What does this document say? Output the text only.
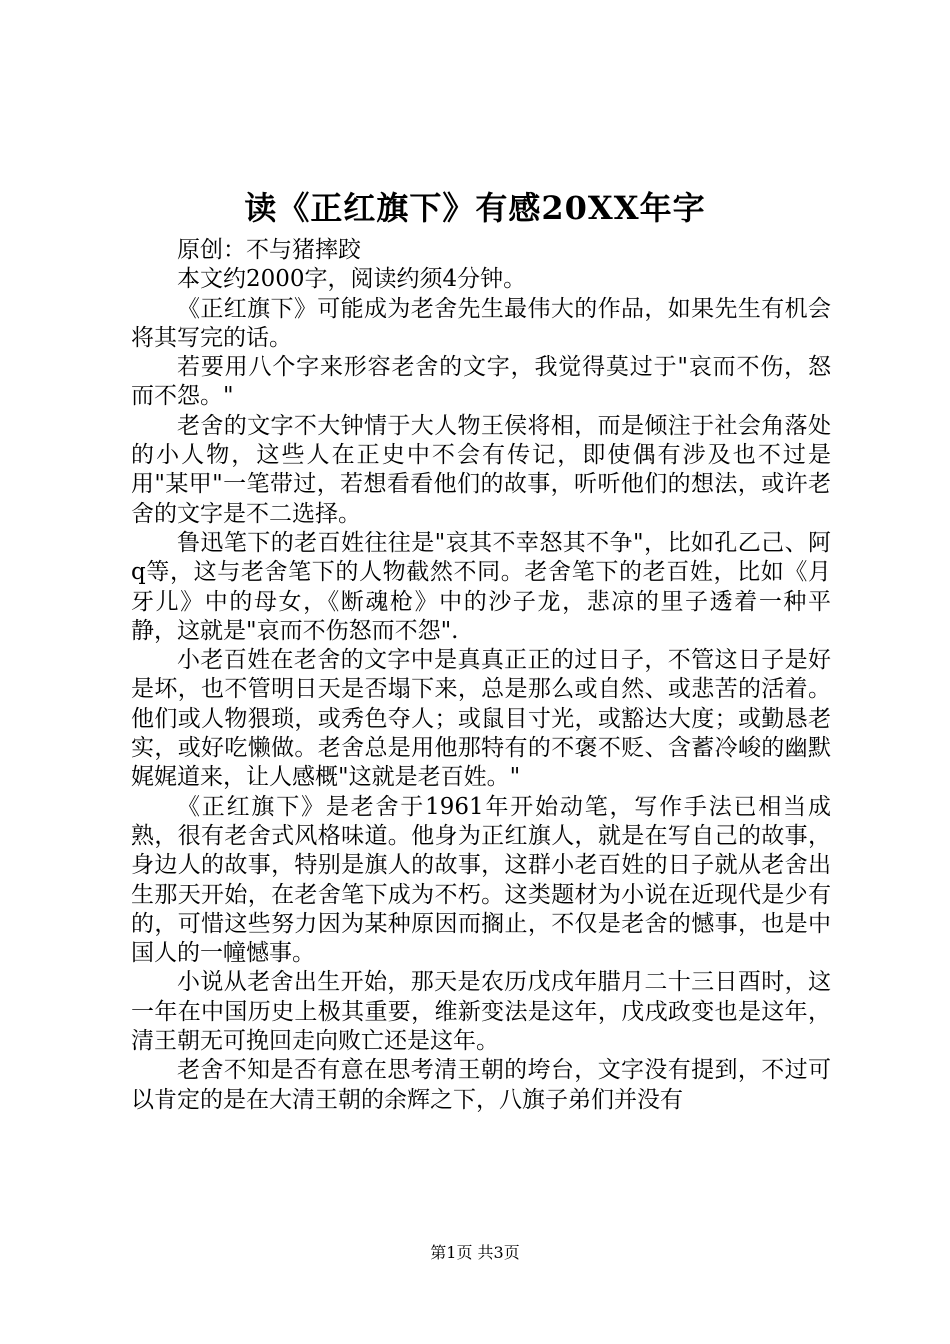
读《正红旗下》有感20XX年字

原创：不与猪摔跤

本文约2000字，阅读约须4分钟。

《正红旗下》可能成为老舍先生最伟大的作品，如果先生有机会将其写完的话。

若要用八个字来形容老舍的文字，我觉得莫过于"哀而不伤，怒而不怨。"

老舍的文字不大钟情于大人物王侯将相，而是倾注于社会角落处的小人物，这些人在正史中不会有传记，即使偶有涉及也不过是用"某甲"一笔带过，若想看看他们的故事，听听他们的想法，或许老舍的文字是不二选择。

鲁迅笔下的老百姓往往是"哀其不幸怒其不争"，比如孔乙己、阿q等，这与老舍笔下的人物截然不同。老舍笔下的老百姓，比如《月牙儿》中的母女，《断魂枪》中的沙子龙，悲凉的里子透着一种平静，这就是"哀而不伤怒而不怨".

小老百姓在老舍的文字中是真真正正的过日子，不管这日子是好是坏，也不管明日天是否塌下来，总是那么或自然、或悲苦的活着。他们或人物猥琐，或秀色夺人；或鼠目寸光，或豁达大度；或勤恳老实，或好吃懒做。老舍总是用他那特有的不褒不贬、含蓄冷峻的幽默娓娓道来，让人感概"这就是老百姓。"

《正红旗下》是老舍于1961年开始动笔，写作手法已相当成熟，很有老舍式风格味道。他身为正红旗人，就是在写自己的故事，身边人的故事，特别是旗人的故事，这群小老百姓的日子就从老舍出生那天开始，在老舍笔下成为不朽。这类题材为小说在近现代是少有的，可惜这些努力因为某种原因而搁止，不仅是老舍的憾事，也是中国人的一幢憾事。

小说从老舍出生开始，那天是农历戊戌年腊月二十三日酉时，这一年在中国历史上极其重要，维新变法是这年，戊戌政变也是这年，清王朝无可挽回走向败亡还是这年。

老舍不知是否有意在思考清王朝的垮台，文字没有提到，不过可以肯定的是在大清王朝的余辉之下，八旗子弟们并没有

第1页 共3页
